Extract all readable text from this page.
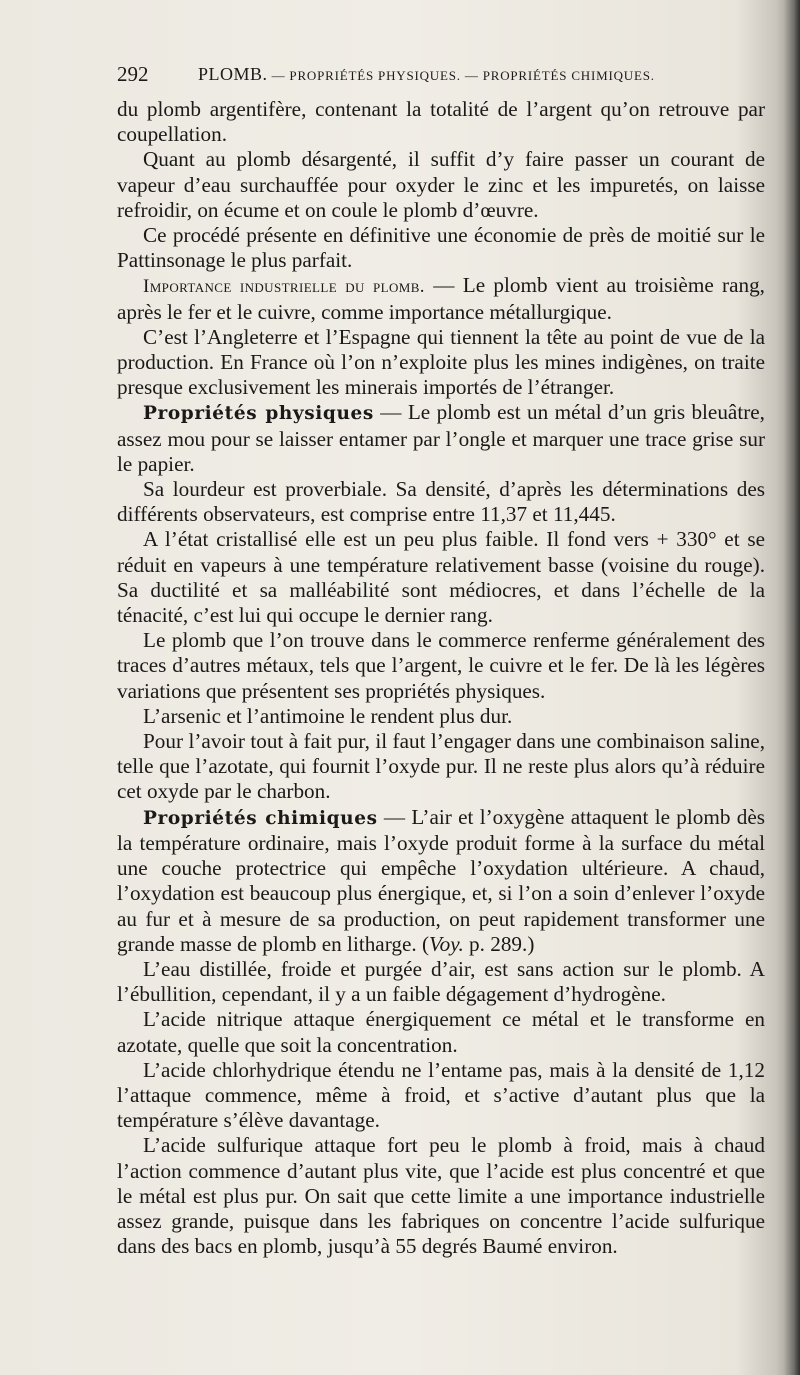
292	PLOMB. — PROPRIÉTÉS PHYSIQUES. — PROPRIÉTÉS CHIMIQUES.

du plomb argentifère, contenant la totalité de l’argent qu’on retrouve par coupellation.

Quant au plomb désargenté, il suffit d’y faire passer un courant de vapeur d’eau surchauffée pour oxyder le zinc et les impuretés, on laisse refroidir, on écume et on coule le plomb d’œuvre.

Ce procédé présente en définitive une économie de près de moitié sur le Pattinsonage le plus parfait.

Importance industrielle du plomb. — Le plomb vient au troisième rang, après le fer et le cuivre, comme importance métallurgique.

C’est l’Angleterre et l’Espagne qui tiennent la tête au point de vue de la production. En France où l’on n’exploite plus les mines indigènes, on traite presque exclusivement les minerais importés de l’étranger.

Propriétés physiques — Le plomb est un métal d’un gris bleuâtre, assez mou pour se laisser entamer par l’ongle et marquer une trace grise sur le papier.

Sa lourdeur est proverbiale. Sa densité, d’après les déterminations des différents observateurs, est comprise entre 11,37 et 11,445.

A l’état cristallisé elle est un peu plus faible. Il fond vers + 330° et se réduit en vapeurs à une température relativement basse (voisine du rouge). Sa ductilité et sa malléabilité sont médiocres, et dans l’échelle de la ténacité, c’est lui qui occupe le dernier rang.

Le plomb que l’on trouve dans le commerce renferme généralement des traces d’autres métaux, tels que l’argent, le cuivre et le fer. De là les légères variations que présentent ses propriétés physiques.

L’arsenic et l’antimoine le rendent plus dur.

Pour l’avoir tout à fait pur, il faut l’engager dans une combinaison saline, telle que l’azotate, qui fournit l’oxyde pur. Il ne reste plus alors qu’à réduire cet oxyde par le charbon.

Propriétés chimiques — L’air et l’oxygène attaquent le plomb dès la température ordinaire, mais l’oxyde produit forme à la surface du métal une couche protectrice qui empêche l’oxydation ultérieure. A chaud, l’oxydation est beaucoup plus énergique, et, si l’on a soin d’enlever l’oxyde au fur et à mesure de sa production, on peut rapidement transformer une grande masse de plomb en litharge. (Voy. p. 289.)

L’eau distillée, froide et purgée d’air, est sans action sur le plomb. A l’ébullition, cependant, il y a un faible dégagement d’hydrogène.

L’acide nitrique attaque énergiquement ce métal et le transforme en azotate, quelle que soit la concentration.

L’acide chlorhydrique étendu ne l’entame pas, mais à la densité de 1,12 l’attaque commence, même à froid, et s’active d’autant plus que la température s’élève davantage.

L’acide sulfurique attaque fort peu le plomb à froid, mais à chaud l’action commence d’autant plus vite, que l’acide est plus concentré et que le métal est plus pur. On sait que cette limite a une importance industrielle assez grande, puisque dans les fabriques on concentre l’acide sulfurique dans des bacs en plomb, jusqu’à 55 degrés Baumé environ.
